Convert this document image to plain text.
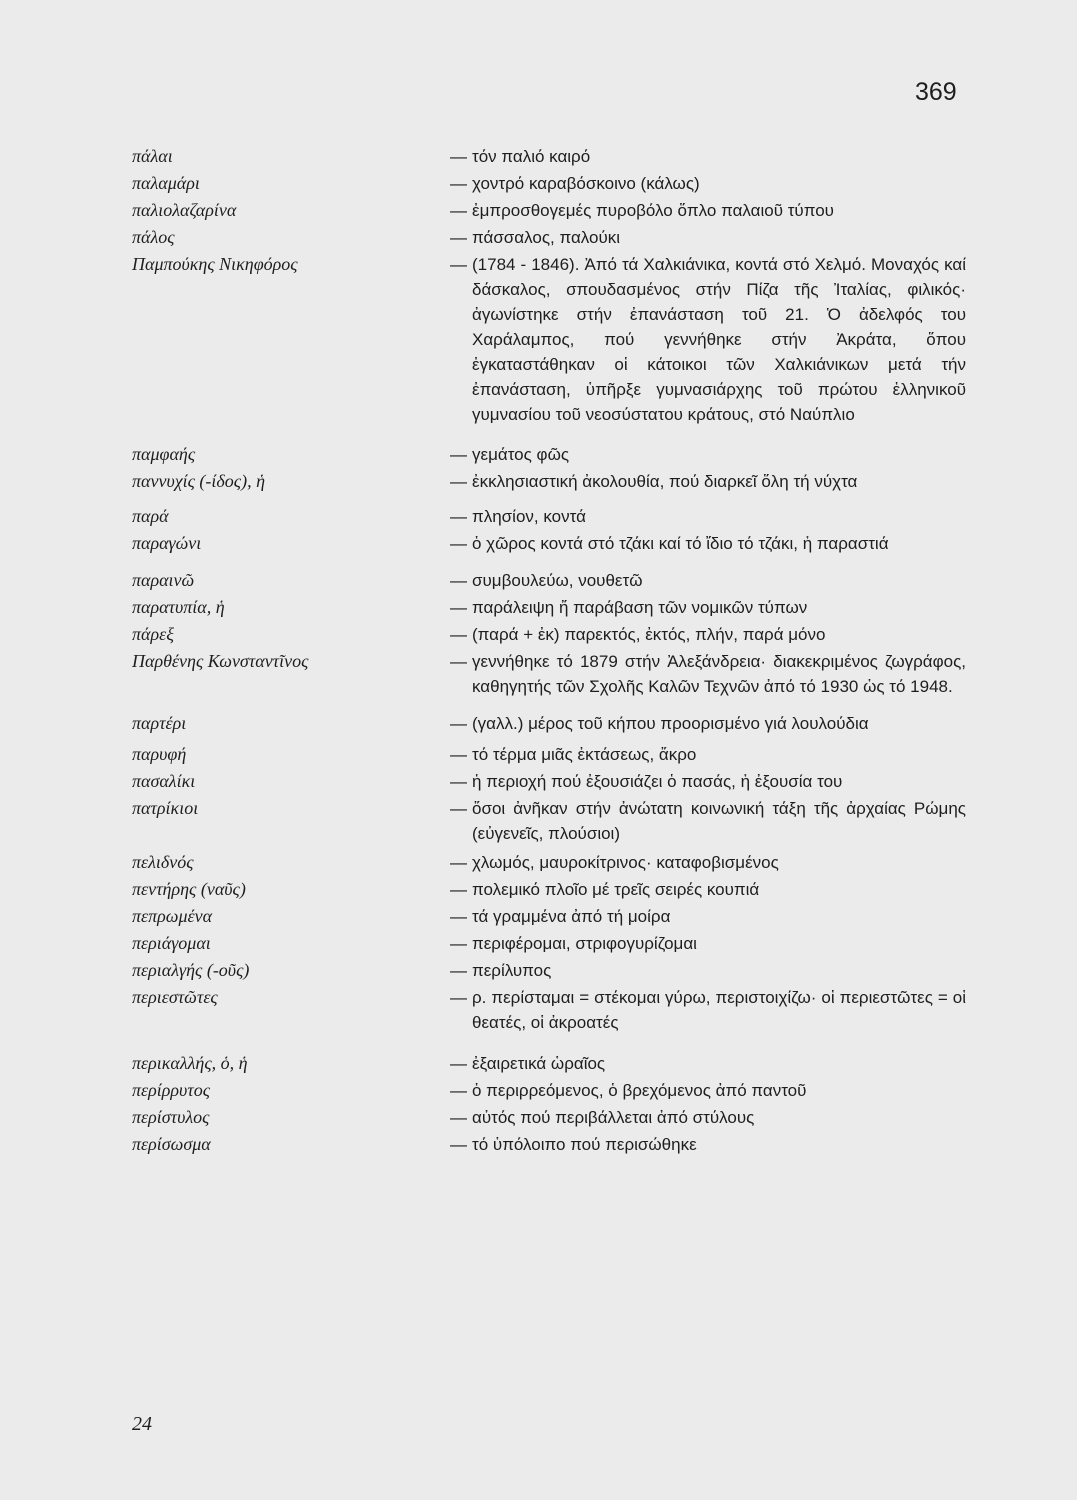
369
πάλαι	— τόν παλιό καιρό
παλαμάρι	— χοντρό καραβόσκοινο (κάλως)
παλιολαζαρίνα	— ἐμπροσθογεμές πυροβόλο ὅπλο παλαιοῦ τύπου
πάλος	— πάσσαλος, παλούκι
Παμπούκης Νικηφόρος	— (1784 - 1846). Ἀπό τά Χαλκιάνικα, κοντά στό Χελμό. Μοναχός καί δάσκαλος, σπουδασμένος στήν Πίζα τῆς Ἰταλίας, φιλικός· ἀγωνίστηκε στήν ἐπανάσταση τοῦ 21. Ὁ ἀδελφός του Χαράλαμπος, πού γεννήθηκε στήν Ἀκράτα, ὅπου ἐγκαταστάθηκαν οἱ κάτοικοι τῶν Χαλκιάνικων μετά τήν ἐπανάσταση, ὑπῆρξε γυμνασιάρχης τοῦ πρώτου ἑλληνικοῦ γυμνασίου τοῦ νεοσύστατου κράτους, στό Ναύπλιο
παμφαής	— γεμάτος φῶς
παννυχίς (-ίδος), ἡ	— ἐκκλησιαστική ἀκολουθία, πού διαρκεῖ ὅλη τή νύχτα
παρά	— πλησίον, κοντά
παραγώνι	— ὁ χῶρος κοντά στό τζάκι καί τό ἴδιο τό τζάκι, ἡ παραστιά
παραινῶ	— συμβουλεύω, νουθετῶ
παρατυπία, ἡ	— παράλειψη ἤ παράβαση τῶν νομικῶν τύπων
πάρεξ	— (παρά + ἐκ) παρεκτός, ἐκτός, πλήν, παρά μόνο
Παρθένης Κωνσταντῖνος	— γεννήθηκε τό 1879 στήν Ἀλεξάνδρεια· διακεκριμένος ζωγράφος, καθηγητής τῶν Σχολῆς Καλῶν Τεχνῶν ἀπό τό 1930 ὡς τό 1948.
παρτέρι	— (γαλλ.) μέρος τοῦ κήπου προορισμένο γιά λουλούδια
παρυφή	— τό τέρμα μιᾶς ἐκτάσεως, ἄκρο
πασαλίκι	— ἡ περιοχή πού ἐξουσιάζει ὁ πασάς, ἡ ἐξουσία του
πατρίκιοι	— ὅσοι ἀνῆκαν στήν ἀνώτατη κοινωνική τάξη τῆς ἀρχαίας Ρώμης (εὐγενεῖς, πλούσιοι)
πελιδνός	— χλωμός, μαυροκίτρινος· καταφοβισμένος
πεντήρης (ναῦς)	— πολεμικό πλοῖο μέ τρεῖς σειρές κουπιά
πεπρωμένα	— τά γραμμένα ἀπό τή μοίρα
περιάγομαι	— περιφέρομαι, στριφογυρίζομαι
περιαλγής (-οῦς)	— περίλυπος
περιεστῶτες	— ρ. περίσταμαι = στέκομαι γύρω, περιστοιχίζω· οἱ περιεστῶτες = οἱ θεατές, οἱ ἀκροατές
περικαλλής, ὁ, ἡ	— ἐξαιρετικά ὡραῖος
περίρρυτος	— ὁ περιρρεόμενος, ὁ βρεχόμενος ἀπό παντοῦ
περίστυλος	— αὐτός πού περιβάλλεται ἀπό στύλους
περίσωσμα	— τό ὑπόλοιπο πού περισώθηκε
24
